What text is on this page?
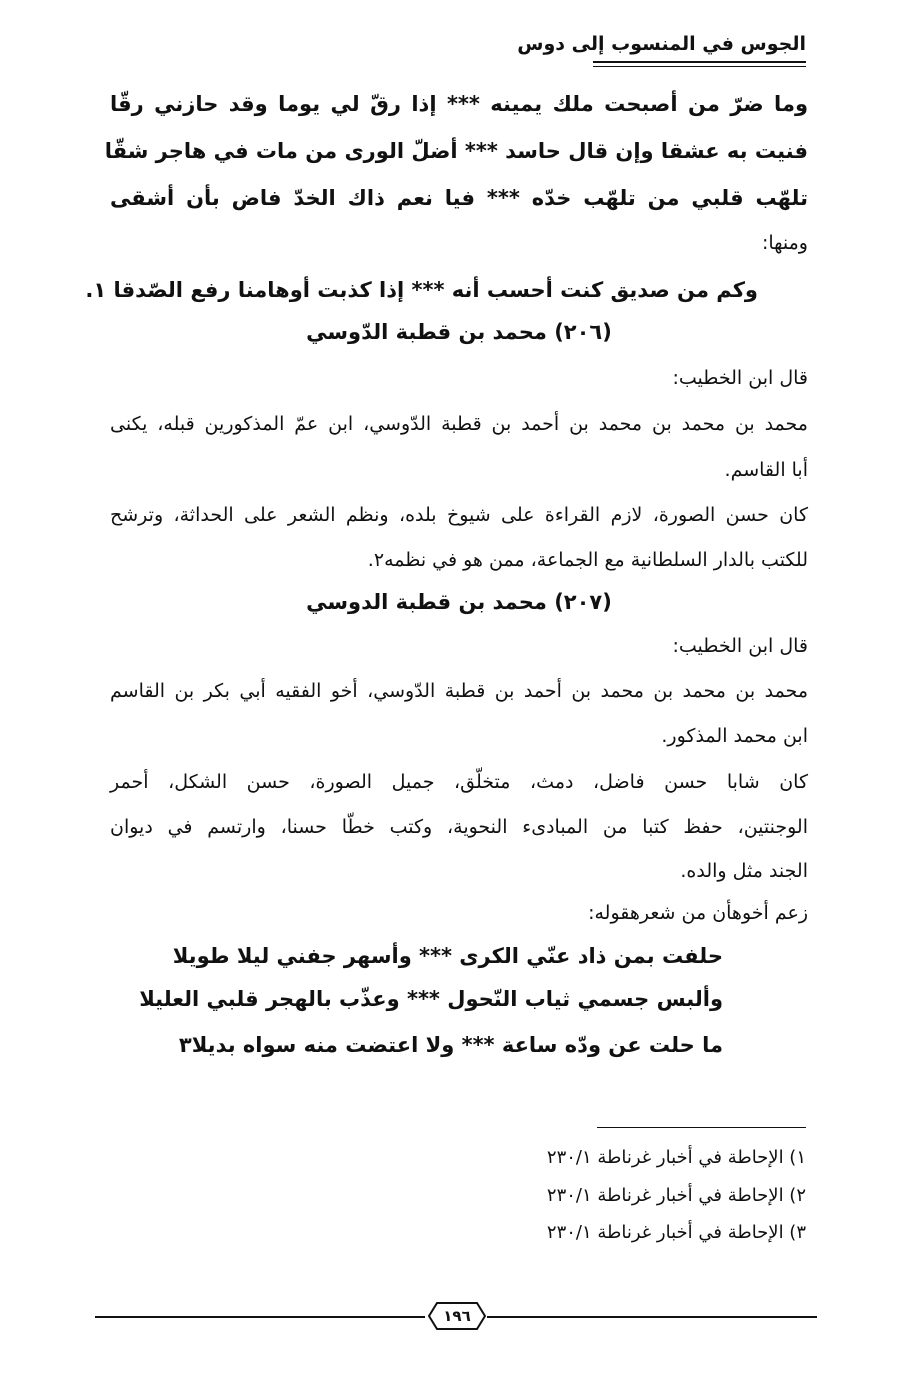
الجوس في المنسوب إلى دوس
وما ضرّ من أصبحت ملك يمينه *** إذا رقّ لي يوما وقد حازني رقّا
فنيت به عشقا وإن قال حاسد *** أضلّ الورى من مات في هاجر شقّا
تلهّب قلبي من تلهّب خدّه *** فيا نعم ذاك الخدّ فاض بأن أشقى
ومنها:
وكم من صديق كنت أحسب أنه *** إذا كذبت أوهامنا رفع الصّدقا ١.
(٢٠٦) محمد بن قطبة الدّوسي
قال ابن الخطيب:
محمد بن محمد بن محمد بن أحمد بن قطبة الدّوسي، ابن عمّ المذكورين قبله، يكنى
أبا القاسم.
كان حسن الصورة، لازم القراءة على شيوخ بلده، ونظم الشعر على الحداثة، وترشح
للكتب بالدار السلطانية مع الجماعة، ممن هو في نظمه٢.
(٢٠٧) محمد بن قطبة الدوسي
قال ابن الخطيب:
محمد بن محمد بن محمد بن أحمد بن قطبة الدّوسي، أخو الفقيه أبي بكر بن القاسم
ابن محمد المذكور.
كان شابا حسن فاضل، دمث، متخلّق، جميل الصورة، حسن الشكل، أحمر
الوجنتين، حفظ كتبا من المبادىء النحوية، وكتب خطّا حسنا، وارتسم في ديوان
الجند مثل والده.
زعم أخوهأن من شعرهقوله:
حلفت بمن ذاد عنّي الكرى *** وأسهر جفني ليلا طويلا
وألبس جسمي ثياب النّحول *** وعذّب بالهجر قلبي العليلا
ما حلت عن ودّه ساعة *** ولا اعتضت منه سواه بديلا٣
١) الإحاطة في أخبار غرناطة ٢٣٠/١
٢) الإحاطة في أخبار غرناطة ٢٣٠/١
٣) الإحاطة في أخبار غرناطة ٢٣٠/١
١٩٦
